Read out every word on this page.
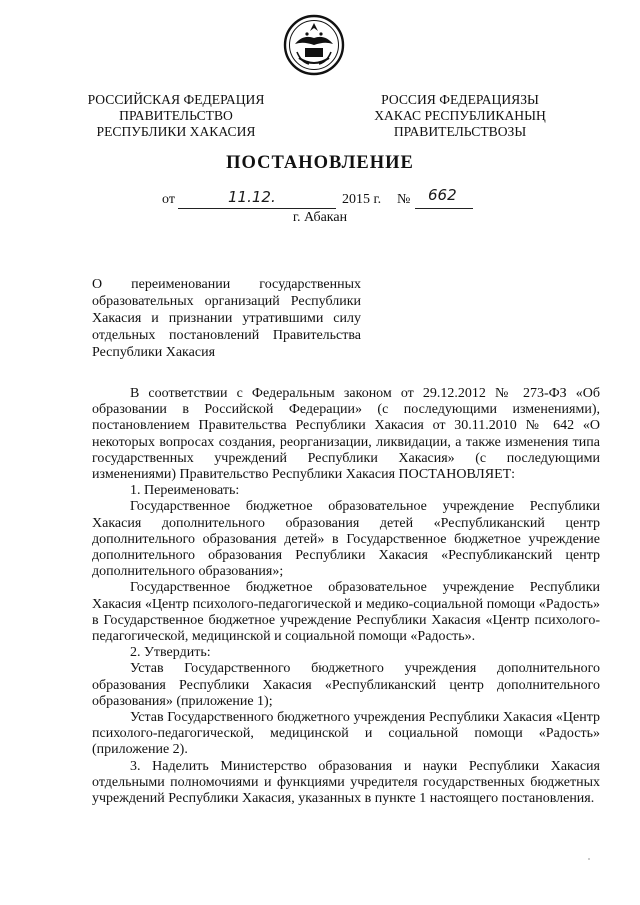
РОССИЙСКАЯ ФЕДЕРАЦИЯ
ПРАВИТЕЛЬСТВО
РЕСПУБЛИКИ ХАКАСИЯ
РОССИЯ ФЕДЕРАЦИЯЗЫ
ХАКАС РЕСПУБЛИКАНЫҢ
ПРАВИТЕЛЬСТВОЗЫ
ПОСТАНОВЛЕНИЕ
от	11.12.	2015 г. № 662
г. Абакан
О переименовании государственных
образовательных организаций Республики
Хакасия и признании утратившими силу
отдельных постановлений Правительства
Республики Хакасия

В соответствии с Федеральным законом от 29.12.2012 № 273-ФЗ «Об образовании в Российской Федерации» (с последующими изменениями), постановлением Правительства Республики Хакасия от 30.11.2010 № 642 «О некоторых вопросах создания, реорганизации, ликвидации, а также изменения типа государственных учреждений Республики Хакасия» (с последующими изменениями) Правительство Республики Хакасия ПОСТАНОВЛЯЕТ:

1. Переименовать:

Государственное бюджетное образовательное учреждение Республики Хакасия дополнительного образования детей «Республиканский центр дополнительного образования детей» в Государственное бюджетное учреждение дополнительного образования Республики Хакасия «Республиканский центр дополнительного образования»;

Государственное бюджетное образовательное учреждение Республики Хакасия «Центр психолого-педагогической и медико-социальной помощи «Радость» в Государственное бюджетное учреждение Республики Хакасия «Центр психолого-педагогической, медицинской и социальной помощи «Радость».

2. Утвердить:

Устав Государственного бюджетного учреждения дополнительного образования Республики Хакасия «Республиканский центр дополнительного образования» (приложение 1);

Устав Государственного бюджетного учреждения Республики Хакасия «Центр психолого-педагогической, медицинской и социальной помощи «Радость» (приложение 2).

3. Наделить Министерство образования и науки Республики Хакасия отдельными полномочиями и функциями учредителя государственных бюджетных учреждений Республики Хакасия, указанных в пункте 1 настоящего постановления.
